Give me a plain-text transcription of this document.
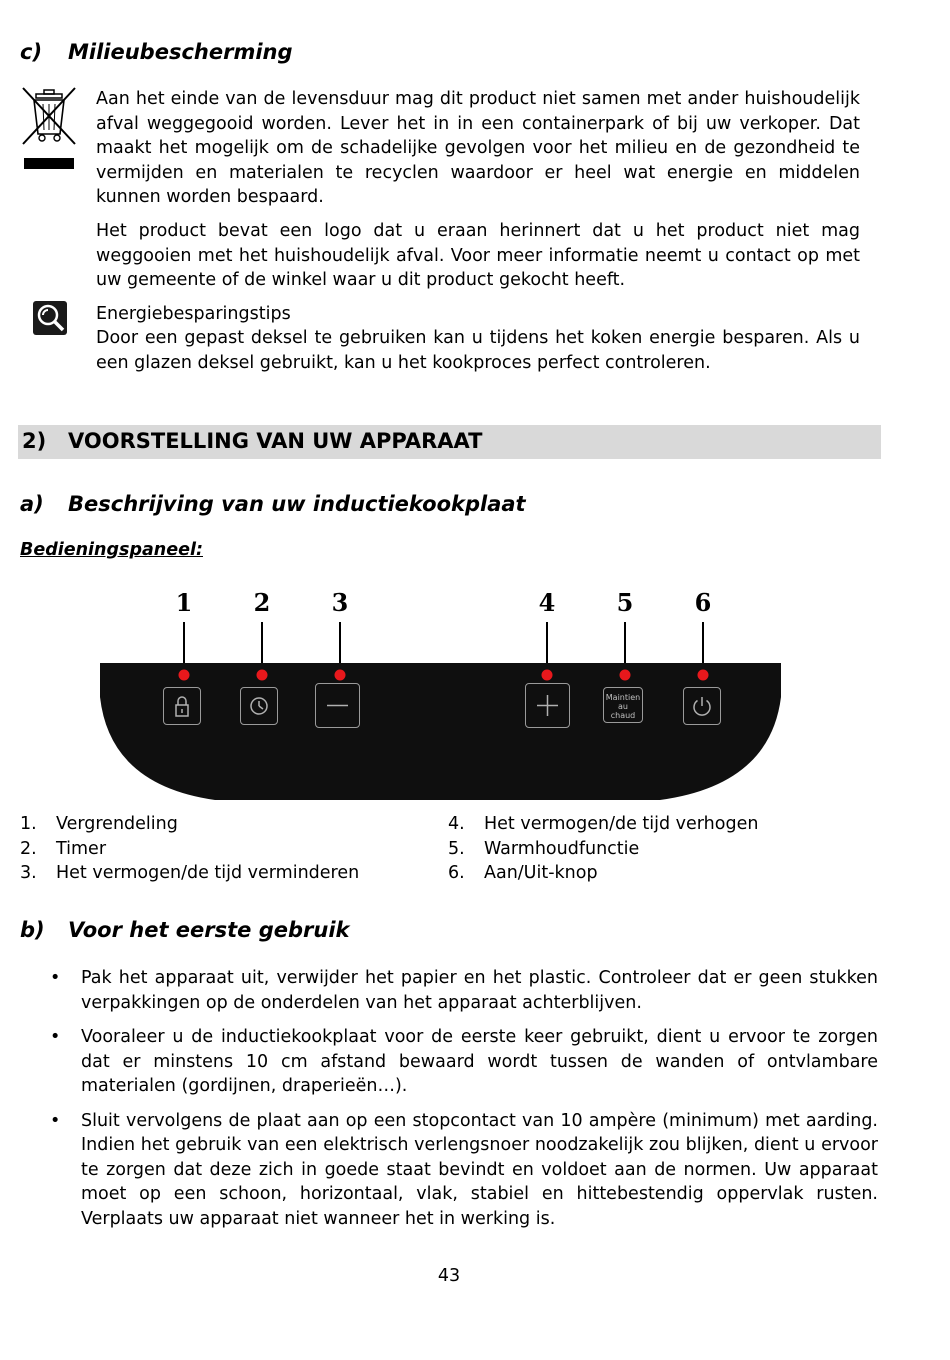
c)	Milieubescherming
Aan het einde van de levensduur mag dit product niet samen met ander huishoudelijk afval weggegooid worden. Lever het in in een containerpark of bij uw verkoper. Dat maakt het mogelijk om de schadelijke gevolgen voor het milieu en de gezondheid te vermijden en materialen te recyclen waardoor er heel wat energie en middelen kunnen worden bespaard.
Het product bevat een logo dat u eraan herinnert dat u het product niet mag weggooien met het huishoudelijk afval. Voor meer informatie neemt u contact op met uw gemeente of de winkel waar u dit product gekocht heeft.
Energiebesparingstips
Door een gepast deksel te gebruiken kan u tijdens het koken energie besparen. Als u een glazen deksel gebruikt, kan u het kookproces perfect controleren.
2) VOORSTELLING VAN UW APPARAAT
a)	Beschrijving van uw inductiekookplaat
Bedieningspaneel:
1	2	3	4	5	6
Maintien
au
chaud
1.	Vergrendeling
2.	Timer
3.	Het vermogen/de tijd verminderen
4.	Het vermogen/de tijd verhogen
5.	Warmhoudfunctie
6.	Aan/Uit-knop
b)	Voor het eerste gebruik
• Pak het apparaat uit, verwijder het papier en het plastic. Controleer dat er geen stukken verpakkingen op de onderdelen van het apparaat achterblijven.
• Vooraleer u de inductiekookplaat voor de eerste keer gebruikt, dient u ervoor te zorgen dat er minstens 10 cm afstand bewaard wordt tussen de wanden of ontvlambare materialen (gordijnen, draperieën…).
• Sluit vervolgens de plaat aan op een stopcontact van 10 ampère (minimum) met aarding. Indien het gebruik van een elektrisch verlengsnoer noodzakelijk zou blijken, dient u ervoor te zorgen dat deze zich in goede staat bevindt en voldoet aan de normen. Uw apparaat moet op een schoon, horizontaal, vlak, stabiel en hittebestendig oppervlak rusten. Verplaats uw apparaat niet wanneer het in werking is.
43
